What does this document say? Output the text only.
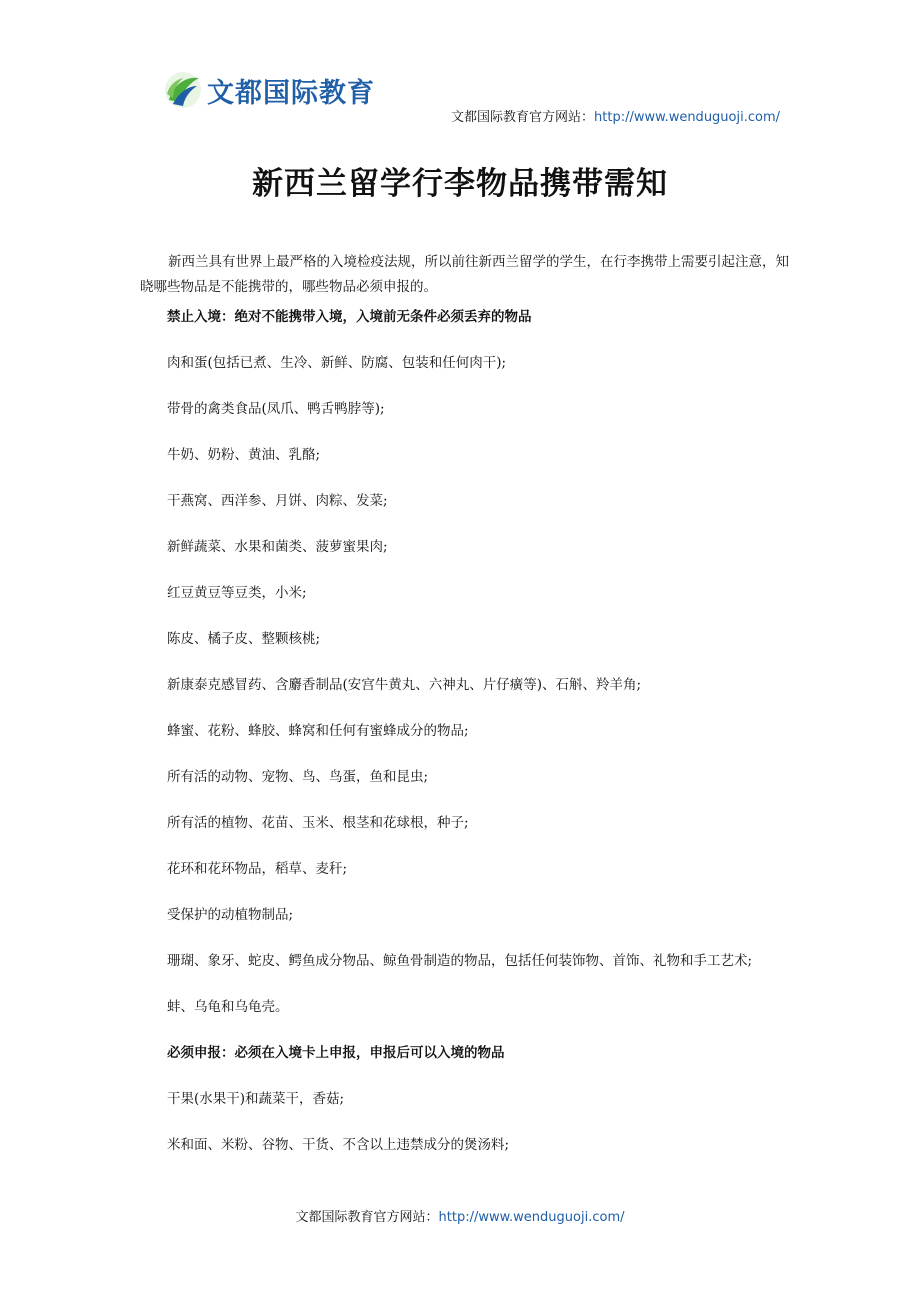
文都国际教育
文都国际教育官方网站：http://www.wenduguoji.com/
新西兰留学行李物品携带需知

新西兰具有世界上最严格的入境检疫法规，所以前往新西兰留学的学生，在行李携带上需要引起注意，知晓哪些物品是不能携带的，哪些物品必须申报的。

禁止入境：绝对不能携带入境，入境前无条件必须丢弃的物品

肉和蛋(包括已煮、生冷、新鲜、防腐、包装和任何肉干);

带骨的禽类食品(凤爪、鸭舌鸭脖等);

牛奶、奶粉、黄油、乳酪;

干燕窝、西洋参、月饼、肉粽、发菜;

新鲜蔬菜、水果和菌类、菠萝蜜果肉;

红豆黄豆等豆类，小米;

陈皮、橘子皮、整颗核桃;

新康泰克感冒药、含麝香制品(安宫牛黄丸、六神丸、片仔癀等)、石斛、羚羊角;

蜂蜜、花粉、蜂胶、蜂窝和任何有蜜蜂成分的物品;

所有活的动物、宠物、鸟、鸟蛋，鱼和昆虫;

所有活的植物、花苗、玉米、根茎和花球根，种子;

花环和花环物品，稻草、麦秆;

受保护的动植物制品;

珊瑚、象牙、蛇皮、鳄鱼成分物品、鲸鱼骨制造的物品，包括任何装饰物、首饰、礼物和手工艺术;

蚌、乌龟和乌龟壳。

必须申报：必须在入境卡上申报，申报后可以入境的物品

干果(水果干)和蔬菜干，香菇;

米和面、米粉、谷物、干货、不含以上违禁成分的煲汤料;

文都国际教育官方网站：http://www.wenduguoji.com/
